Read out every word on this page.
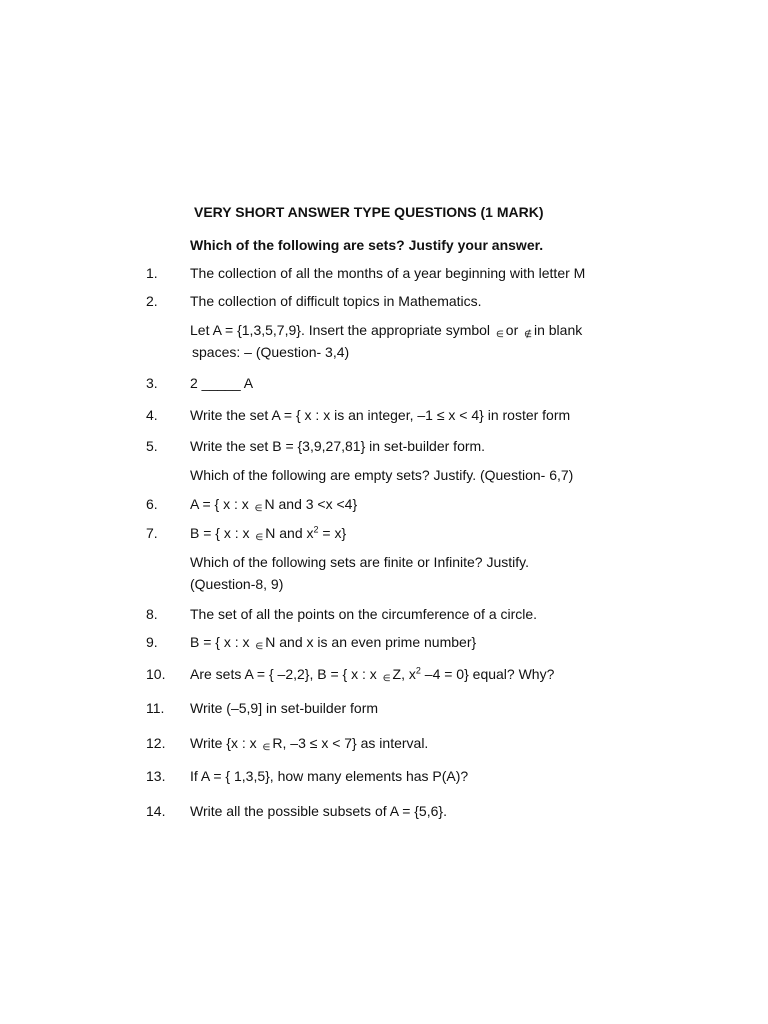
VERY SHORT ANSWER TYPE QUESTIONS (1 MARK)
Which of the following are sets? Justify your answer.
1. The collection of all the months of a year beginning with letter M
2. The collection of difficult topics in Mathematics.
Let A = {1,3,5,7,9}. Insert the appropriate symbol ∈ or ∉ in blank
spaces: – (Question- 3,4)
3. 2 _____ A
4. Write the set A = { x : x is an integer, –1 ≤ x < 4} in roster form
5. Write the set B = {3,9,27,81} in set-builder form.
Which of the following are empty sets? Justify. (Question- 6,7)
6. A = { x : x ∈ N and 3 <x <4}
7. B = { x : x ∈ N and $x^2 = x$}
Which of the following sets are finite or Infinite? Justify.
(Question-8, 9)
8. The set of all the points on the circumference of a circle.
9. B = { x : x ∈ N and x is an even prime number}
10. Are sets A = { –2,2}, B = { x : x ∈ Z, $x^2$ –4 = 0} equal? Why?
11. Write (–5,9] in set-builder form
12. Write {x : x ∈ R, –3 ≤ x < 7} as interval.
13. If A = { 1,3,5}, how many elements has P(A)?
14. Write all the possible subsets of A = {5,6}.
